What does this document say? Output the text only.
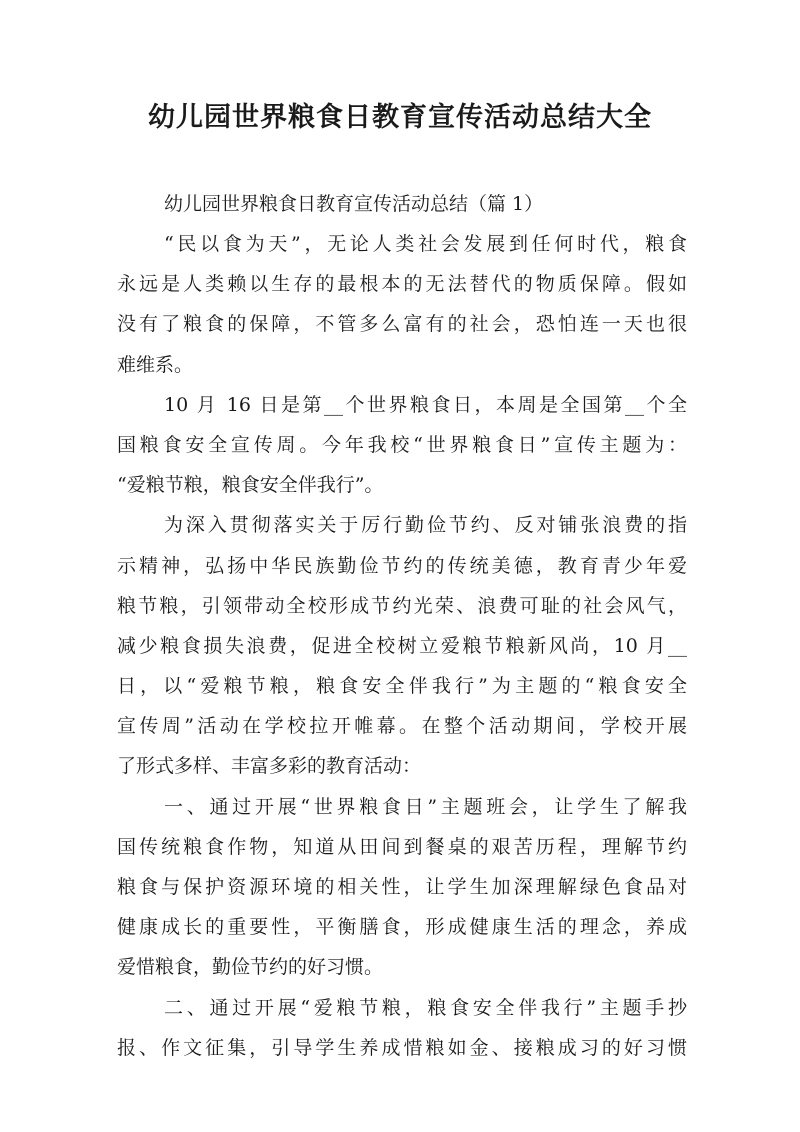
幼儿园世界粮食日教育宣传活动总结大全
幼儿园世界粮食日教育宣传活动总结（篇 1）
“民以食为天”，无论人类社会发展到任何时代，粮食
永远是人类赖以生存的最根本的无法替代的物质保障。假如
没有了粮食的保障，不管多么富有的社会，恐怕连一天也很
难维系。
10 月 16 日是第__个世界粮食日，本周是全国第__个全
国粮食安全宣传周。今年我校“世界粮食日”宣传主题为：
“爱粮节粮，粮食安全伴我行”。
为深入贯彻落实关于厉行勤俭节约、反对铺张浪费的指
示精神，弘扬中华民族勤俭节约的传统美德，教育青少年爱
粮节粮，引领带动全校形成节约光荣、浪费可耻的社会风气，
减少粮食损失浪费，促进全校树立爱粮节粮新风尚，10 月__
日，以“爱粮节粮，粮食安全伴我行”为主题的“粮食安全
宣传周”活动在学校拉开帷幕。在整个活动期间，学校开展
了形式多样、丰富多彩的教育活动：
一、通过开展“世界粮食日”主题班会，让学生了解我
国传统粮食作物，知道从田间到餐桌的艰苦历程，理解节约
粮食与保护资源环境的相关性，让学生加深理解绿色食品对
健康成长的重要性，平衡膳食，形成健康生活的理念，养成
爱惜粮食，勤俭节约的好习惯。
二、通过开展“爱粮节粮，粮食安全伴我行”主题手抄
报、作文征集，引导学生养成惜粮如金、接粮成习的好习惯
